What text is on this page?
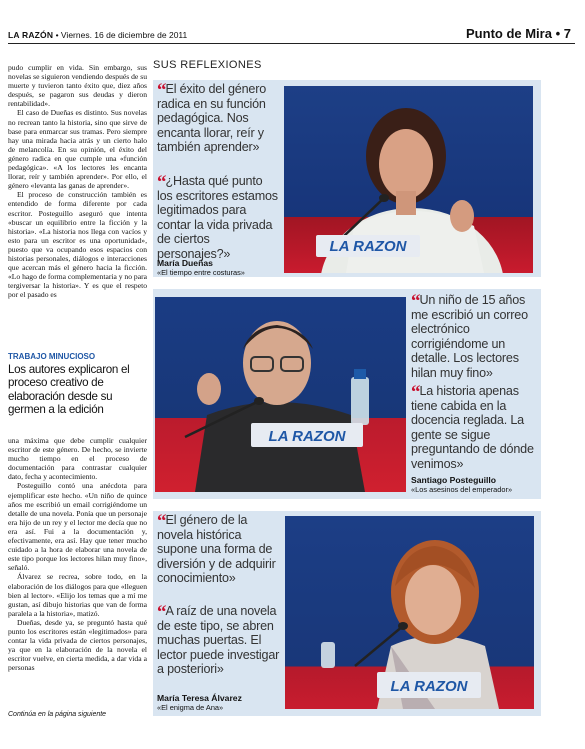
LA RAZÓN • Viernes. 16 de diciembre de 2011	Punto de Mira • 7

pudo cumplir en vida. Sin embargo, sus novelas se siguieron vendiendo después de su muerte y tuvieron tanto éxito que, diez años después, se pagaron sus deudas y dieron rentabilidad».

El caso de Dueñas es distinto. Sus novelas no recrean tanto la historia, sino que sirve de base para enmarcar sus tramas. Pero siempre hay una mirada hacia atrás y un cierto halo de melancolía. En su opinión, el éxito del género radica en que cumple una «función pedagógica». «A los lectores les encanta llorar, reír y también aprender». Por ello, el género «levanta las ganas de aprender».

El proceso de construcción también es entendido de forma diferente por cada escritor. Posteguillo aseguró que intenta «buscar un equilibrio entre la ficción y la historia». «La historia nos llega con vacíos y esto para un escritor es una oportunidad», puesto que va ocupando esos espacios con historias personales, diálogos e interacciones que acercan más el género hacia la ficción. «Lo hago de forma complementaria y no para tergiversar la historia». Y es que el respeto por el pasado es

TRABAJO MINUCIOSO
Los autores explicaron el proceso creativo de elaboración desde su germen a la edición

una máxima que debe cumplir cualquier escritor de este género. De hecho, se invierte mucho tiempo en el proceso de documentación para contrastar cualquier dato, fecha y acontecimiento.

Posteguillo contó una anécdota para ejemplificar este hecho. «Un niño de quince años me escribió un email corrigiéndome un detalle de una novela. Ponía que un personaje era hijo de un rey y el lector me decía que no era así. Fui a la documentación y, efectivamente, era así. Hay que tener mucho cuidado a la hora de elaborar una novela de este tipo porque los lectores hilan muy fino», señaló.

Álvarez se recrea, sobre todo, en la elaboración de los diálogos para que «lleguen bien al lector». «Elijo los temas que a mí me gustan, así dibujo historias que van de forma paralela a la historia», matizó.

Dueñas, desde ya, se preguntó hasta qué punto los escritores están «legitimados» para contar la vida privada de ciertos personajes, ya que en la elaboración de la novela el escritor vuelve, en cierta medida, a dar vida a personas

Continúa en la página siguiente
SUS REFLEXIONES
“El éxito del género radica en su función pedagógica. Nos encanta llorar, reír y también aprender»
“¿Hasta qué punto los escritores estamos legitimados para contar la vida privada de ciertos personajes?»
María Dueñas
«El tiempo entre costuras»
LA RAZON
LA RAZON
“Un niño de 15 años me escribió un correo electrónico corrigiéndome un detalle. Los lectores hilan muy fino»
“La historia apenas tiene cabida en la docencia reglada. La gente se sigue preguntando de dónde venimos»
Santiago Posteguillo
«Los asesinos del emperador»
“El género de la novela histórica supone una forma de diversión y de adquirir conocimiento»
“A raíz de una novela de este tipo, se abren muchas puertas. El lector puede investigar a posteriori»
María Teresa Álvarez
«El enigma de Ana»
LA RAZON
